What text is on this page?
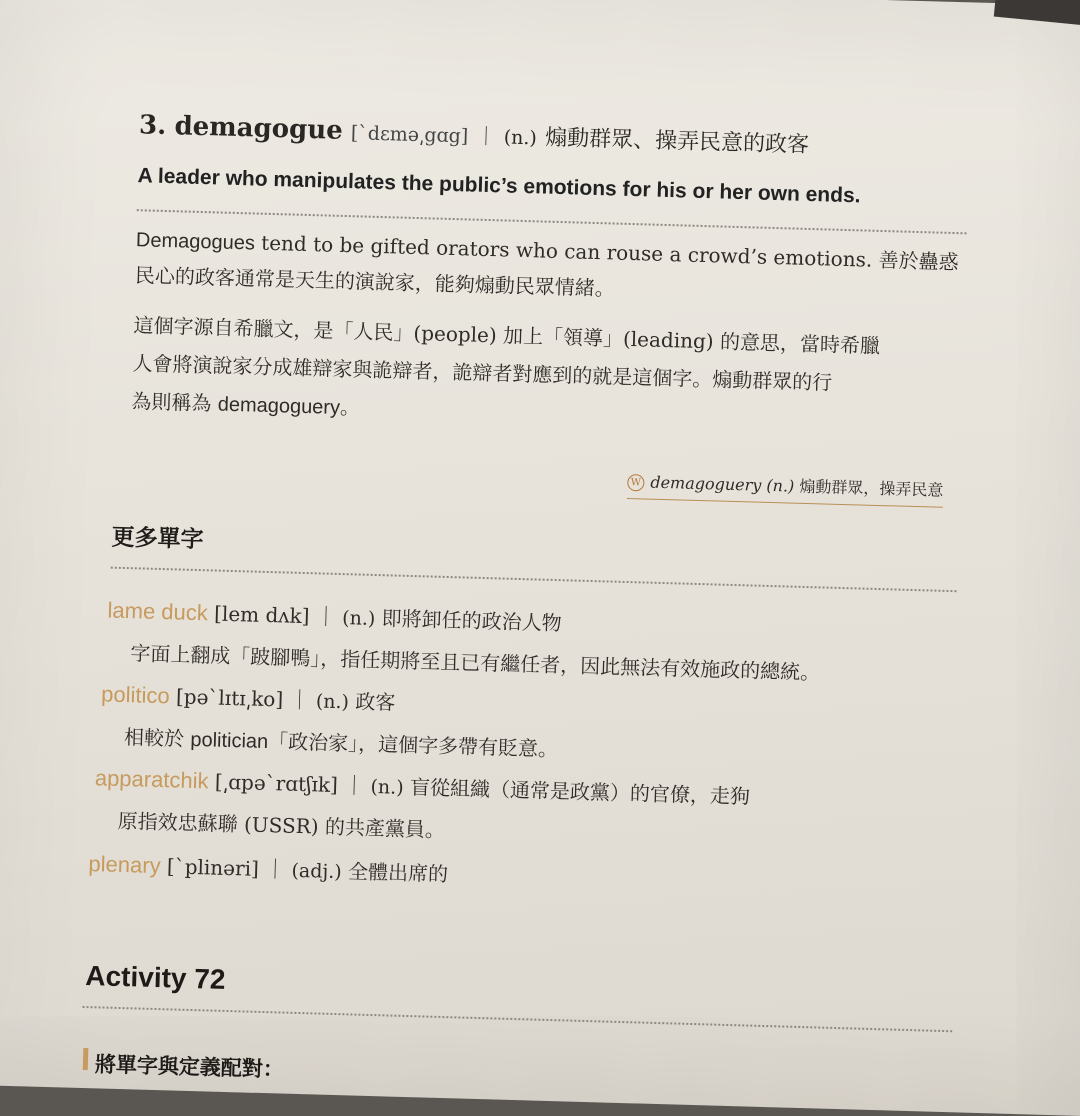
3. demagogue [ˋdɛmə͵gɑg] ｜ (n.) 煽動群眾、操弄民意的政客
A leader who manipulates the public’s emotions for his or her own ends.
Demagogues tend to be gifted orators who can rouse a crowd’s emotions. 善於蠱惑
民心的政客通常是天生的演說家，能夠煽動民眾情緒。
這個字源自希臘文，是「人民」(people) 加上「領導」(leading) 的意思，當時希臘
人會將演說家分成雄辯家與詭辯者，詭辯者對應到的就是這個字。煽動群眾的行
為則稱為 demagoguery。
W demagoguery (n.) 煽動群眾，操弄民意
更多單字
lame duck [lem dʌk] ｜ (n.) 即將卸任的政治人物
字面上翻成「跛腳鴨」，指任期將至且已有繼任者，因此無法有效施政的總統。
politico [pəˋlɪtɪ͵ko] ｜ (n.) 政客
相較於 politician「政治家」，這個字多帶有貶意。
apparatchik [͵ɑpəˋrɑtʃɪk] ｜ (n.) 盲從組織（通常是政黨）的官僚，走狗
原指效忠蘇聯 (USSR) 的共產黨員。
plenary [ˋplinəri] ｜ (adj.) 全體出席的
Activity 72
將單字與定義配對：
